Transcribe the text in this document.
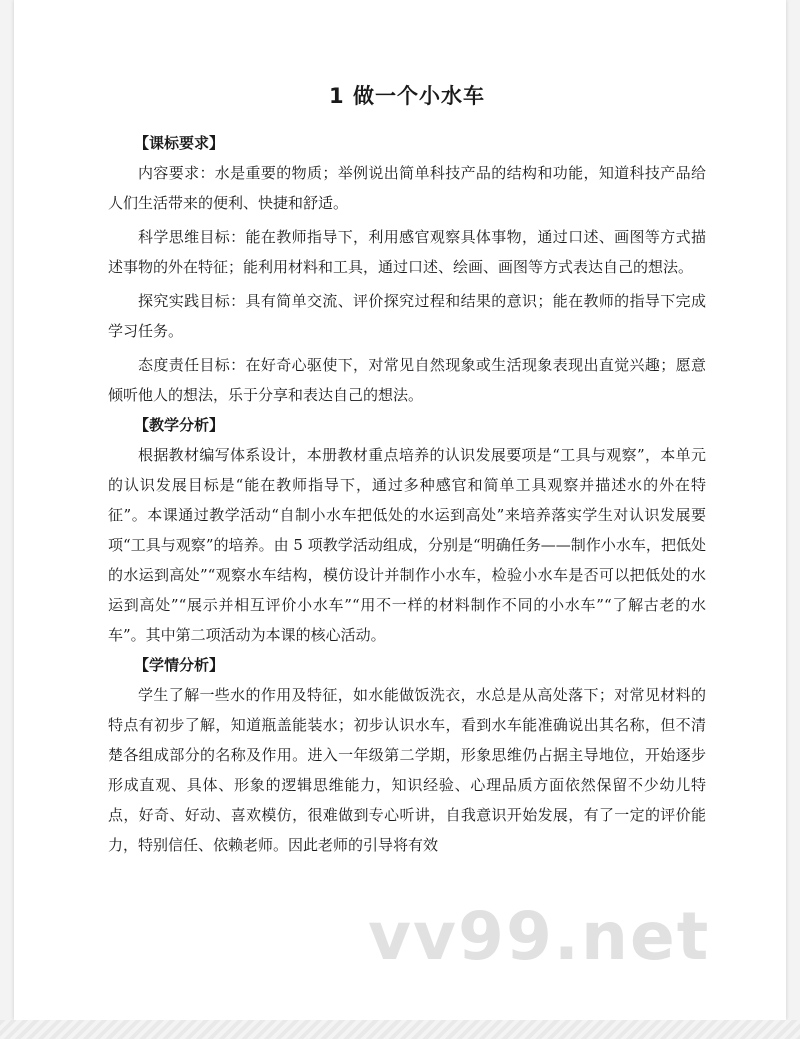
1 做一个小水车
【课标要求】

内容要求：水是重要的物质；举例说出简单科技产品的结构和功能，知道科技产品给人们生活带来的便利、快捷和舒适。

科学思维目标：能在教师指导下，利用感官观察具体事物，通过口述、画图等方式描述事物的外在特征；能利用材料和工具，通过口述、绘画、画图等方式表达自己的想法。

探究实践目标：具有简单交流、评价探究过程和结果的意识；能在教师的指导下完成学习任务。

态度责任目标：在好奇心驱使下，对常见自然现象或生活现象表现出直觉兴趣；愿意倾听他人的想法，乐于分享和表达自己的想法。

【教学分析】

根据教材编写体系设计，本册教材重点培养的认识发展要项是“工具与观察”，本单元的认识发展目标是“能在教师指导下，通过多种感官和简单工具观察并描述水的外在特征”。本课通过教学活动“自制小水车把低处的水运到高处”来培养落实学生对认识发展要项“工具与观察”的培养。由 5 项教学活动组成，分别是“明确任务——制作小水车，把低处的水运到高处”“观察水车结构，模仿设计并制作小水车，检验小水车是否可以把低处的水运到高处”“展示并相互评价小水车”“用不一样的材料制作不同的小水车”“了解古老的水车”。其中第二项活动为本课的核心活动。

【学情分析】

学生了解一些水的作用及特征，如水能做饭洗衣，水总是从高处落下；对常见材料的特点有初步了解，知道瓶盖能装水；初步认识水车，看到水车能准确说出其名称，但不清楚各组成部分的名称及作用。进入一年级第二学期，形象思维仍占据主导地位，开始逐步形成直观、具体、形象的逻辑思维能力，知识经验、心理品质方面依然保留不少幼儿特点，好奇、好动、喜欢模仿，很难做到专心听讲，自我意识开始发展，有了一定的评价能力，特别信任、依赖老师。因此老师的引导将有效

vv99.net
